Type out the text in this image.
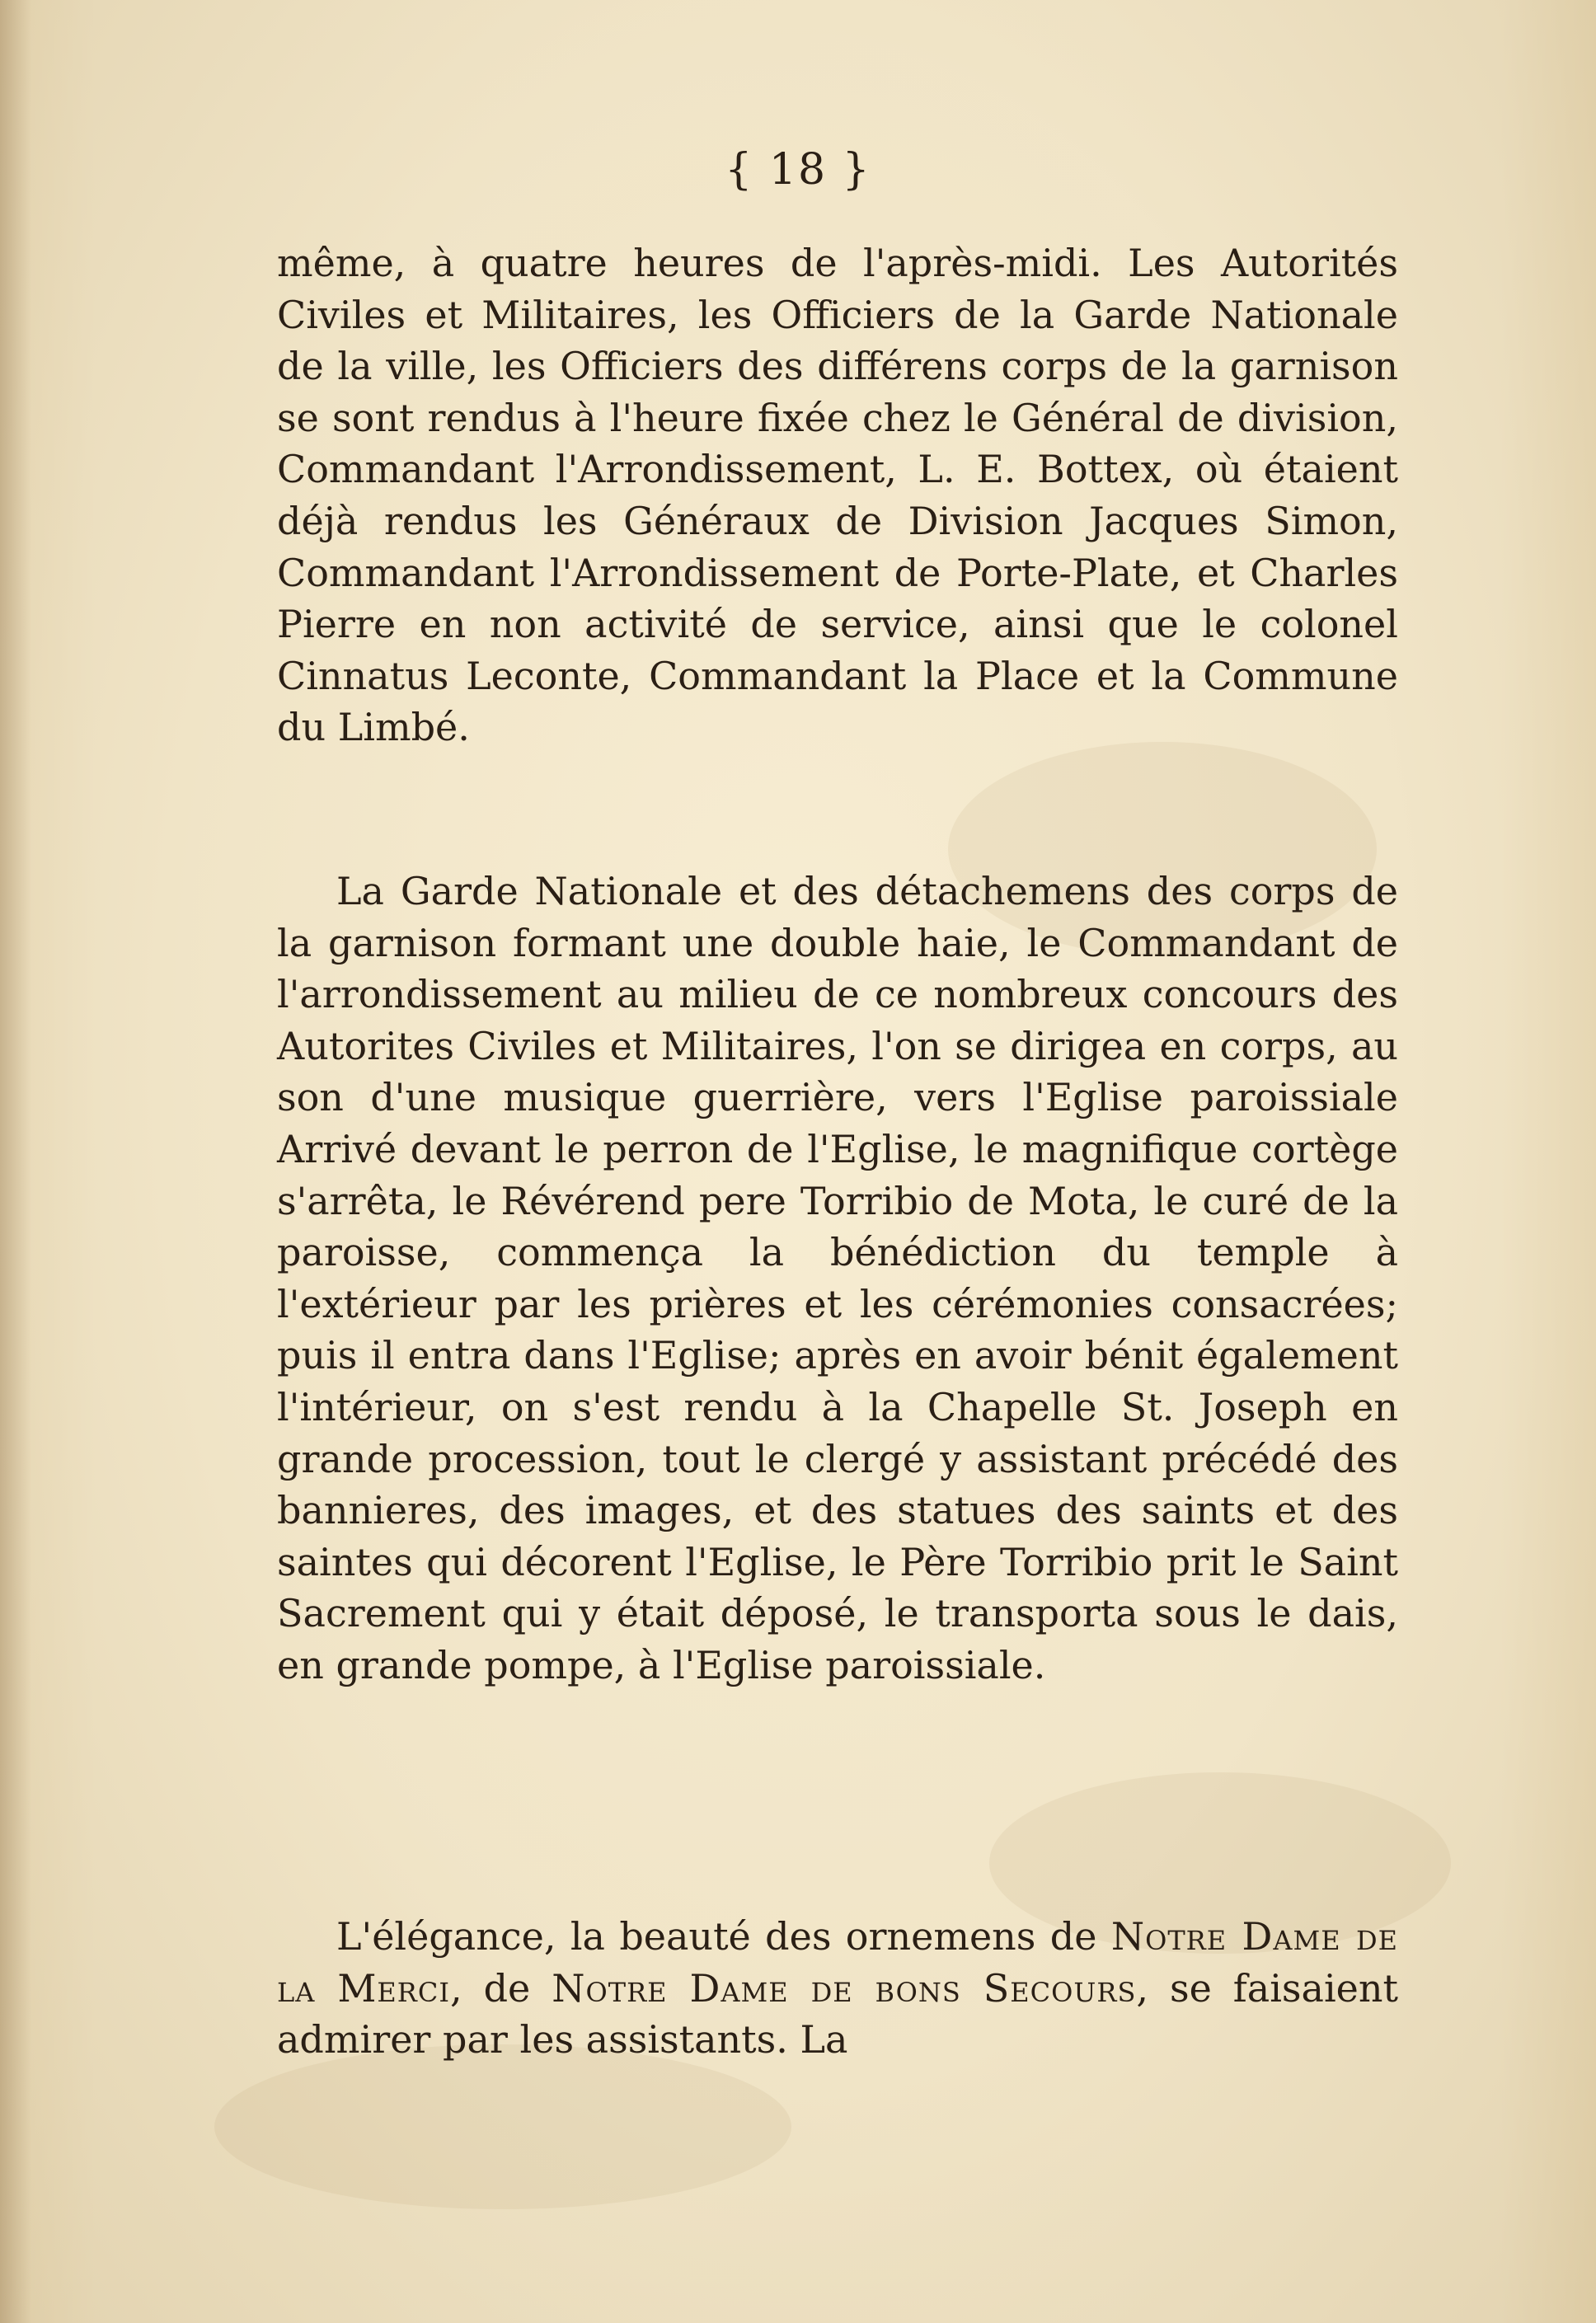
{ 18 }

même, à quatre heures de l'après-midi. Les Autorités Civiles et Militaires, les Officiers de la Garde Nationale de la ville, les Officiers des différens corps de la garnison se sont rendus à l'heure fixée chez le Général de division, Commandant l'Arrondissement, L. E. Bottex, où étaient déjà rendus les Généraux de Division Jacques Simon, Commandant l'Arrondissement de Porte-Plate, et Charles Pierre en non activité de service, ainsi que le colonel Cinnatus Leconte, Commandant la Place et la Commune du Limbé.

La Garde Nationale et des détachemens des corps de la garnison formant une double haie, le Commandant de l'arrondissement au milieu de ce nombreux concours des Autorites Civiles et Militaires, l'on se dirigea en corps, au son d'une musique guerrière, vers l'Eglise paroissiale Arrivé devant le perron de l'Eglise, le magnifique cortège s'arrêta, le Révérend pere Torribio de Mota, le curé de la paroisse, commença la bénédiction du temple à l'extérieur par les prières et les cérémonies consacrées; puis il entra dans l'Eglise; après en avoir bénit également l'intérieur, on s'est rendu à la Chapelle St. Joseph en grande procession, tout le clergé y assistant précédé des bannieres, des images, et des statues des saints et des saintes qui décorent l'Eglise, le Père Torribio prit le Saint Sacrement qui y était déposé, le transporta sous le dais, en grande pompe, à l'Eglise paroissiale.

L'élégance, la beauté des ornemens de Notre Dame de la Merci, de Notre Dame de bons Secours, se faisaient admirer par les assistants. La
